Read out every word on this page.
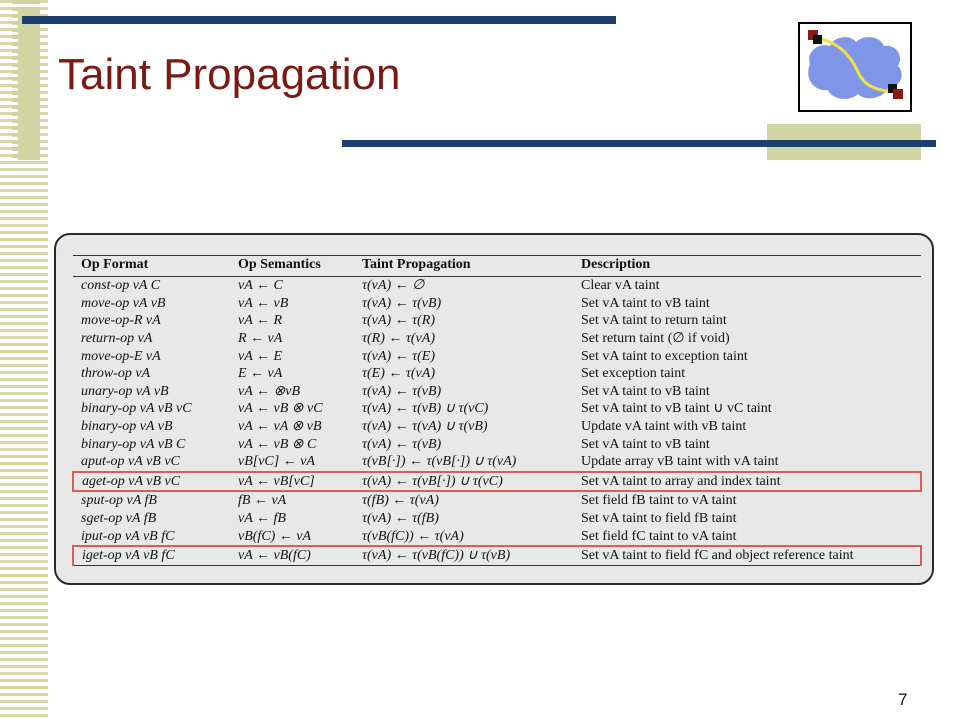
Taint Propagation
Op Format	Op Semantics	Taint Propagation	Description
const-op vA C	vA ← C	τ(vA) ← ∅	Clear vA taint
move-op vA vB	vA ← vB	τ(vA) ← τ(vB)	Set vA taint to vB taint
move-op-R vA	vA ← R	τ(vA) ← τ(R)	Set vA taint to return taint
return-op vA	R ← vA	τ(R) ← τ(vA)	Set return taint (∅ if void)
move-op-E vA	vA ← E	τ(vA) ← τ(E)	Set vA taint to exception taint
throw-op vA	E ← vA	τ(E) ← τ(vA)	Set exception taint
unary-op vA vB	vA ← ⊗vB	τ(vA) ← τ(vB)	Set vA taint to vB taint
binary-op vA vB vC	vA ← vB ⊗ vC	τ(vA) ← τ(vB) ∪ τ(vC)	Set vA taint to vB taint ∪ vC taint
binary-op vA vB	vA ← vA ⊗ vB	τ(vA) ← τ(vA) ∪ τ(vB)	Update vA taint with vB taint
binary-op vA vB C	vA ← vB ⊗ C	τ(vA) ← τ(vB)	Set vA taint to vB taint
aput-op vA vB vC	vB[vC] ← vA	τ(vB[·]) ← τ(vB[·]) ∪ τ(vA)	Update array vB taint with vA taint
aget-op vA vB vC	vA ← vB[vC]	τ(vA) ← τ(vB[·]) ∪ τ(vC)	Set vA taint to array and index taint
sput-op vA fB	fB ← vA	τ(fB) ← τ(vA)	Set field fB taint to vA taint
sget-op vA fB	vA ← fB	τ(vA) ← τ(fB)	Set vA taint to field fB taint
iput-op vA vB fC	vB(fC) ← vA	τ(vB(fC)) ← τ(vA)	Set field fC taint to vA taint
iget-op vA vB fC	vA ← vB(fC)	τ(vA) ← τ(vB(fC)) ∪ τ(vB)	Set vA taint to field fC and object reference taint
7
